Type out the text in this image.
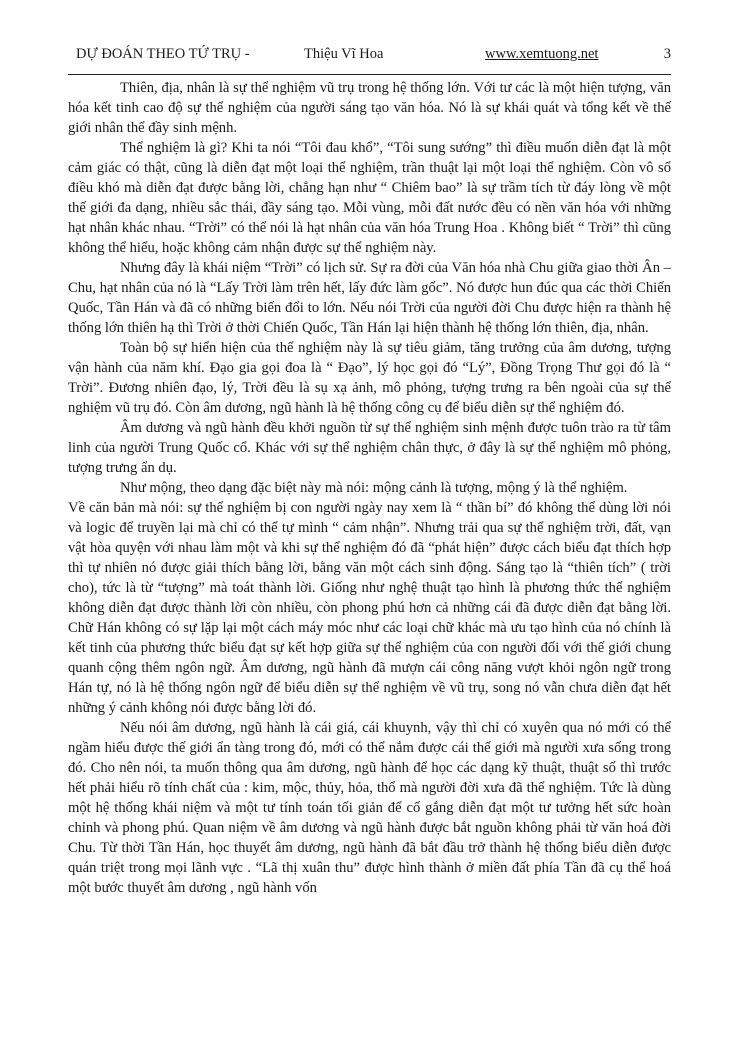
DỰ ĐOÁN THEO TỨ TRỤ -	Thiệu Vĩ Hoa	www.xemtuong.net	3

Thiên, địa, nhân là sự thể nghiệm vũ trụ trong hệ thống lớn. Với tư các là một hiện tượng, văn hóa kết tinh cao độ sự thể nghiệm của người sáng tạo văn hóa. Nó là sự khái quát và tổng kết về thế giới nhân thể đầy sinh mệnh.

Thể nghiệm là gì? Khi ta nói “Tôi đau khổ”, “Tôi sung sướng” thì điều muốn diễn đạt là một cảm giác có thật, cũng là diễn đạt một loại thể nghiệm, trần thuật lại một loại thể nghiệm. Còn vô số điều khó mà diễn đạt được bằng lời, chẳng hạn như “ Chiêm bao” là sự trầm tích từ đáy lòng về một thế giới đa dạng, nhiều sắc thái, đầy sáng tạo. Mỗi vùng, mỗi đất nước đều có nền văn hóa với những hạt nhân khác nhau. “Trời” có thể nói là hạt nhân của văn hóa Trung Hoa . Không biết “ Trời” thì cũng không thể hiểu, hoặc không cảm nhận được sự thể nghiệm này.

Nhưng đây là khái niệm “Trời” có lịch sử. Sự ra đời của Văn hóa nhà Chu giữa giao thời Ân – Chu, hạt nhân của nó là “Lấy Trời làm trên hết, lấy đức làm gốc”. Nó được hun đúc qua các thời Chiến Quốc, Tần Hán và đã có những biến đổi to lớn. Nếu nói Trời của người đời Chu được hiện ra thành hệ thống lớn thiên hạ thì Trời ở thời Chiến Quốc, Tần Hán lại hiện thành hệ thống lớn thiên, địa, nhân.

Toàn bộ sự hiển hiện của thể nghiệm này là sự tiêu giảm, tăng trưởng của âm dương, tượng vận hành của năm khí. Đạo gia gọi đoa là “ Đạo”, lý học gọi đó “Lý”, Đồng Trọng Thư gọi đó là “ Trời”. Đương nhiên đạo, lý, Trời đều là sụ xạ ảnh, mô phỏng, tượng trưng ra bên ngoài của sự thể nghiệm vũ trụ đó. Còn âm dương, ngũ hành là hệ thống công cụ để biểu diễn sự thể nghiệm đó.

Âm dương và ngũ hành đều khởi nguồn từ sự thể nghiệm sinh mệnh được tuôn trào ra từ tâm linh của người Trung Quốc cổ. Khác với sự thể nghiệm chân thực, ở đây là sự thể nghiệm mô phỏng, tượng trưng ẩn dụ.

Như mộng, theo dạng đặc biệt này mà nói: mộng cảnh là tượng, mộng ý là thể nghiệm.

Về căn bản mà nói: sự thể nghiệm bị con người ngày nay xem là “ thần bí” đó không thể dùng lời nói và logic để truyền lại mà chỉ có thể tự mình “ cảm nhận”. Nhưng trải qua sự thể nghiệm trời, đất, vạn vật hòa quyện với nhau làm một và khi sự thể nghiệm đó đã “phát hiện” được cách biểu đạt thích hợp thì tự nhiên nó được giải thích bằng lời, bằng văn một cách sinh động. Sáng tạo là “thiên tích” ( trời cho), tức là từ “tượng” mà toát thành lời. Giống như nghệ thuật tạo hình là phương thức thể nghiệm không diễn đạt được thành lời còn nhiều, còn phong phú hơn cả những cái đã được diễn đạt bằng lời. Chữ Hán không có sự lặp lại một cách máy móc như các loại chữ khác mà ưu tạo hình của nó chính là kết tinh của phương thức biểu đạt sự kết hợp giữa sự thể nghiệm của con người đối với thế giới chung quanh cộng thêm ngôn ngữ. Âm dương, ngũ hành đã mượn cái công năng vượt khỏi ngôn ngữ trong Hán tự, nó là hệ thống ngôn ngữ để biểu diễn sự thể nghiệm về vũ trụ, song nó vẫn chưa diễn đạt hết những ý cảnh không nói được bằng lời đó.

Nếu nói âm dương, ngũ hành là cái giá, cái khuynh, vậy thì chỉ có xuyên qua nó mới có thể ngầm hiểu được thế giới ẩn tàng trong đó, mới có thể nắm được cái thế giới mà người xưa sống trong đó. Cho nên nói, ta muốn thông qua âm dương, ngũ hành để học các dạng kỹ thuật, thuật số thì trước hết phải hiểu rõ tính chất của : kim, mộc, thủy, hỏa, thổ mà người đời xưa đã thể nghiệm. Tức là dùng một hệ thống khái niệm và một tư tính toán tối giản để cố gắng diễn đạt một tư tưởng hết sức hoàn chỉnh và phong phú. Quan niệm về âm dương và ngũ hành được bắt nguồn không phải từ văn hoá đời Chu. Từ thời Tần Hán, học thuyết âm dương, ngũ hành đã bắt đầu trở thành hệ thống biểu diễn được quán triệt trong mọi lãnh vực . “Lã thị xuân thu” được hình thành ở miền đất phía Tần đã cụ thể hoá một bước thuyết âm dương , ngũ hành vốn
